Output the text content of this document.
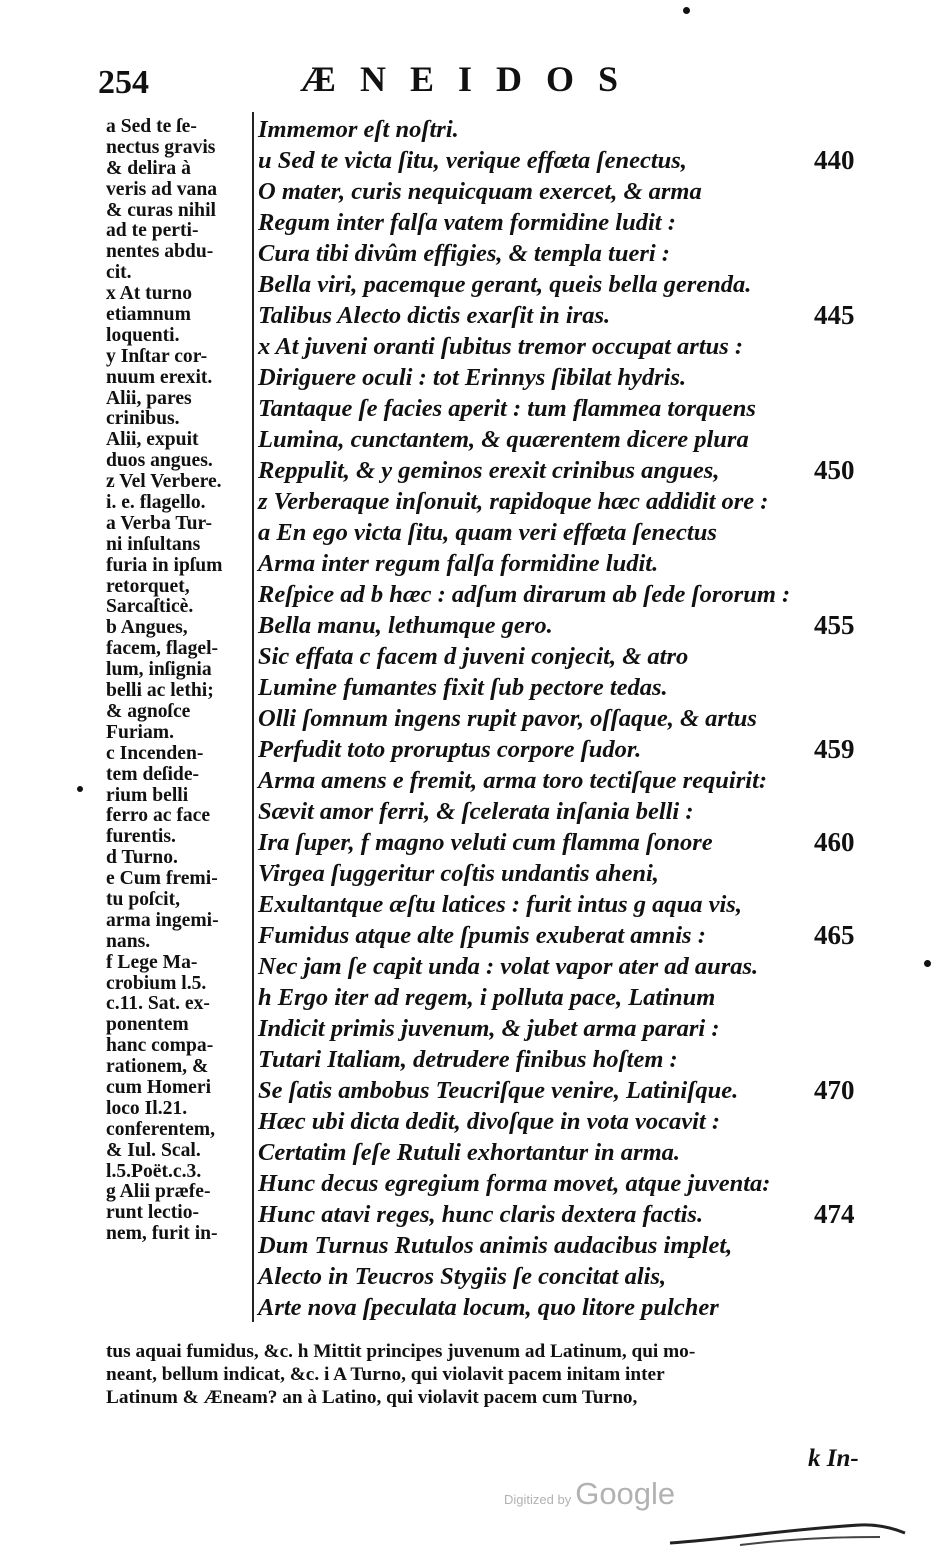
254	ÆNEIDOS
a Sed te ſe-
nectus gravis
& delira à
veris ad vana
& curas nihil
ad te perti-
nentes abdu-
cit.
x At turno
etiamnum
loquenti.
y Inſtar cor-
nuum erexit.
Alii, pares
crinibus.
Alii, expuit
duos angues.
z Vel Verbere.
i. e. flagello.
a Verba Tur-
ni inſultans
furia in ipſum
retorquet,
Sarcaſticè.
b Angues,
facem, flagel-
lum, inſignia
belli ac lethi;
& agnoſce
Furiam.
c Incenden-
tem deſide-
rium belli
ferro ac face
furentis.
d Turno.
e Cum fremi-
tu poſcit,
arma ingemi-
nans.
f Lege Ma-
crobium l.5.
c.11. Sat. ex-
ponentem
hanc compa-
rationem, &
cum Homeri
loco Il.21.
conferentem,
& Iul. Scal.
l.5.Poët.c.3.
g Alii præfe-
runt lectio-
nem, furit in-
Immemor eſt noſtri.
u Sed te victa ſitu, verique effœta ſenectus,	440
O mater, curis nequicquam exercet, & arma
Regum inter falſa vatem formidine ludit :
Cura tibi divûm effigies, & templa tueri :
Bella viri, pacemque gerant, queis bella gerenda.
Talibus Alecto dictis exarſit in iras.	445
x At juveni oranti ſubitus tremor occupat artus :
Diriguere oculi : tot Erinnys ſibilat hydris.
Tantaque ſe facies aperit : tum flammea torquens
Lumina, cunctantem, & quærentem dicere plura
Reppulit, & y geminos erexit crinibus angues,	450
z Verberaque inſonuit, rapidoque hæc addidit ore :
a En ego victa ſitu, quam veri effœta ſenectus
Arma inter regum falſa formidine ludit.
Reſpice ad b hæc : adſum dirarum ab ſede ſororum :
Bella manu, lethumque gero.	455
Sic effata c facem d juveni conjecit, & atro
Lumine fumantes fixit ſub pectore tedas.
Olli ſomnum ingens rupit pavor, oſſaque, & artus
Perfudit toto proruptus corpore ſudor.	459
Arma amens e fremit, arma toro tectiſque requirit:
Sævit amor ferri, & ſcelerata inſania belli :
Ira ſuper, f magno veluti cum flamma ſonore	460
Virgea ſuggeritur coſtis undantis aheni,
Exultantque æſtu latices : furit intus g aqua vis,
Fumidus atque alte ſpumis exuberat amnis :	465
Nec jam ſe capit unda : volat vapor ater ad auras.
h Ergo iter ad regem, i polluta pace, Latinum
Indicit primis juvenum, & jubet arma parari :
Tutari Italiam, detrudere finibus hoſtem :
Se ſatis ambobus Teucriſque venire, Latiniſque.	470
Hæc ubi dicta dedit, divoſque in vota vocavit :
Certatim ſeſe Rutuli exhortantur in arma.
Hunc decus egregium forma movet, atque juventa:
Hunc atavi reges, hunc claris dextera factis.	474
Dum Turnus Rutulos animis audacibus implet,
Alecto in Teucros Stygiis ſe concitat alis,
Arte nova ſpeculata locum, quo litore pulcher
tus aquai fumidus, &c. h Mittit principes juvenum ad Latinum, qui mo-
neant, bellum indicat, &c. i A Turno, qui violavit pacem initam inter
Latinum & Æneam? an à Latino, qui violavit pacem cum Turno,
k In-
Digitized by Google
